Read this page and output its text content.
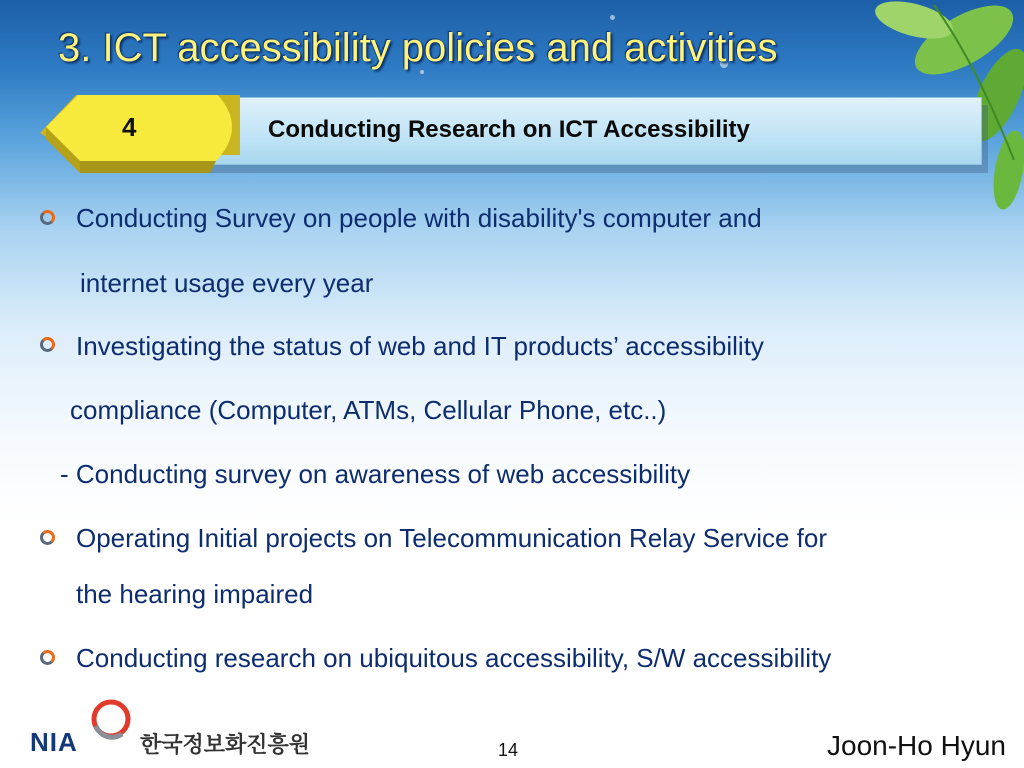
3. ICT accessibility policies and activities
4	Conducting Research on ICT Accessibility
Conducting Survey on people with disability's computer and
internet usage every year
Investigating the status of web and IT products’ accessibility
compliance (Computer, ATMs, Cellular Phone, etc..)
- Conducting survey on awareness of web accessibility
Operating Initial projects on Telecommunication Relay Service for
the hearing impaired
Conducting research on ubiquitous accessibility, S/W accessibility
NIA	한국정보화진흥원	14	Joon-Ho Hyun
